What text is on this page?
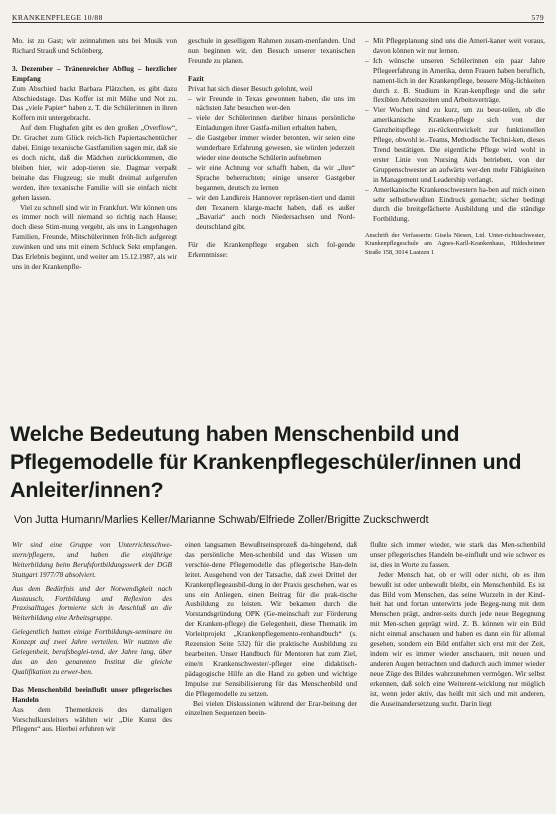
KRANKENPFLEGE 10/88	579

Mo. ist zu Gast; wir zeinnahmen uns bei Musik von Richard Strauß und Schönberg.

3. Dezember – Tränenreicher Abflug – herzlicher Empfang

Zum Abschied backt Barbara Plätzchen, es gibt dazu Abschiedstage. Das Koffer ist mit Mühe und Not zu. Das „viele Papier“ haben z. T. die Schülerinnen in ihren Koffern mit untergebracht.

Auf dem Flughafen gibt es den großen „Overflow“, Dr. Grachet zum Glück reich-lich Papiertaschentücher dabei. Einige texanische Gastfamilien sagen mir, daß sie es doch nicht, daß die Mädchen zurückkommen, die bleiben hier, wir adop-tieren sie. Dagmar verpaßt beinahe das Flugzeug; sie mußt dreimal aufgerufen werden, ihre texanische Familie will sie einfach nicht gehen lassen.

Viel zu schnell sind wir in Frankfurt. Wir können uns es immer noch will niemand so richtig nach Hause; doch diese Stim-mung vergeht, als uns in Langenhagen Familien, Freunde, Mitschülerinnen fröh-lich aufgeregt zuwinken und uns mit einem Schluck Sekt empfangen. Das Erlebnis beginnt, und weiter am 15.12.1987, als wir uns in der Krankenpfle-

geschule in geselligem Rahmen zusam-menfanden. Und nun beginnen wir, den Besuch unserer texanischen Freunde zu planen.

Fazit

Privat hat sich dieser Besuch gelohnt, weil

– wir Freunde in Texas gewonnen haben, die uns im nächsten Jahr besuchen wer-den
– viele der Schülerinnen darüber hinaus persönliche Einladungen ihrer Gastfa-milien erhalten haben,
– die Gastgeber immer wieder betonten, wir seien eine wunderbare Erfahrung gewesen, sie würden jederzeit wieder eine deutsche Schülerin aufnehmen
– wir eine Achtung vor schafft haben, da wir „ihre“ Sprache beherrschten; einige unserer Gastgeber begannen, deutsch zu lernen
– wir den Landkreis Hannover repräsen-tiert und damit den Texanern klarge-macht haben, daß es außer „Bavaria“ auch noch Niedersachsen und Nord-deutschland gibt.

Für die Krankenpflege ergaben sich fol-gende Erkenntnisse:

– Mit Pflegeplanung sind uns die Ameri-kaner weit voraus, davon können wir nur lernen.
– Ich wünsche unseren Schülerinnen ein paar Jahre Pflegeerfahrung in Amerika, denn Frauen haben beruflich, nament-lich in der Krankenpflege, bessere Mög-lichkeiten durch z. B. Studium in Kran-kenpflege und die sehr flexiblen Arbeitszeiten und Arbeitsverträge.
– Vier Wochen sind zu kurz, um zu beur-teilen, ob die amerikanische Kranken-pflege sich von der Ganzheitspflege zu-rückentwickelt zur funktionellen Pflege, obwohl ie.-Teams, Methodische Techni-ken, dieses Trend bestätigen. Die eigentliche Pflege wird wohl in erster Linie von Nursing Aids betrieben, von der Gruppenschwester an aufwärts wer-den mehr Fähigkeiten in Management und Leadership verlangt.
– Amerikanische Krankenschwestern ha-ben auf mich einen sehr selbstbewußten Eindruck gemacht; sicher bedingt durch die breitgefächerte Ausbildung und die ständige Fortbildung.

Anschrift der Verfasserin: Gisela Niesen, Ltd. Unter-richtsschwester, Krankenpflegeschule am Agnes-Karll-Krankenhaus, Hildesheimer Straße 158, 3014 Laatzen 1

Welche Bedeutung haben Menschenbild und Pflegemodelle für Krankenpflegeschüler/innen und Anleiter/innen?
Von Jutta Humann/Marlies Keller/Marianne Schwab/Elfriede Zoller/Brigitte Zuckschwerdt

Wir sind eine Gruppe von Unterrichtsschwe-stern/pflegern, und haben die einjährige Weiterbildung beim Berufsfortbildungswerk der DGB Stuttgart 1977/78 absolviert.

Aus dem Bedürfnis und der Notwendigkeit nach Austausch, Fortbildung und Reflexion des Praxisalltages formierte sich in Anschluß an die Weiterbildung eine Arbeitsgruppe.

Gelegentlich hatten einige Fortbildungs-seminare im Konzept auf zwei Jahre verteilen. Wir nutzten die Gelegenheit, berufsbeglei-tend, der Jahre lang, über das an den genannten Institut die gleiche Qualifikation zu erwer-ben.

Das Menschenbild beeinflußt unser pflegerisches Handeln

Aus dem Themenkreis des damaligen Vorschulkursleiters wählten wir „Die Kunst des Pflegens“ aus. Hierbei erfuhren wir

einen langsamen Bewußtseinsprozeß da-hingehend, daß das persönliche Men-schenbild und das Wissen um verschie-dene Pflegemodelle das pflegerische Han-deln leitet. Ausgehend von der Tatsache, daß zwei Drittel der Krankenpflegeausbil-dung in der Praxis geschehen, war es uns ein Anliegen, einen Beitrag für die prak-tische Ausbildung zu leisten. Wir bekamen durch die Vorstandsgründung OPK (Ge-meinschaft zur Förderung der Kranken-pflege) die Gelegenheit, diese Thematik im Vorleitprojekt „Krankenpflegemento-renhandbuch“ (s. Rezension Seite 532) für die praktische Ausbildung zu bearbeiten. Unser Handbuch für Mentoren hat zum Ziel, eine/n Krankenschwester/-pfleger eine didaktisch-pädagogische Hilfe an die Hand zu geben und wichtige Impulse zur Sensibilisierung für das Menschenbild und die Pflegemodelle zu setzen.

Bei vielen Diskussionen während der Erar-beitung der einzelnen Sequenzen beein-

flußte sich immer wieder, wie stark das Men-schenbild unser pflegerisches Handeln be-einflußt und wie schwer es ist, dies in Worte zu fassen.

Jeder Mensch hat, ob er will oder nicht, ob es ihm bewußt ist oder unbewußt bleibt, ein Menschenbild. Es ist das Bild vom Menschen, das seine Wurzeln in der Kind-heit hat und fortan unterwirts jede Begeg-nung mit dem Menschen prägt, andrer-seits durch jede neue Begegnung mit Men-schen geprägt wird. Z. B. können wir ein Bild nicht einmal anschauen und haben es dann ein für allemal gesehen, sondern ein Bild entfaltet sich erst mit der Zeit, indem wir es immer wieder anschauen, mit neuen und anderen Augen betrachten und dadurch auch immer wieder neue Züge des Bildes wahrzunehmen vermögen. Wir selbst erkennen, daß solch eine Weiterent-wicklung nur möglich ist, wenn jeder aktiv, das heißt mit sich und mit anderen, die Auseinandersetzung sucht. Darin liegt
